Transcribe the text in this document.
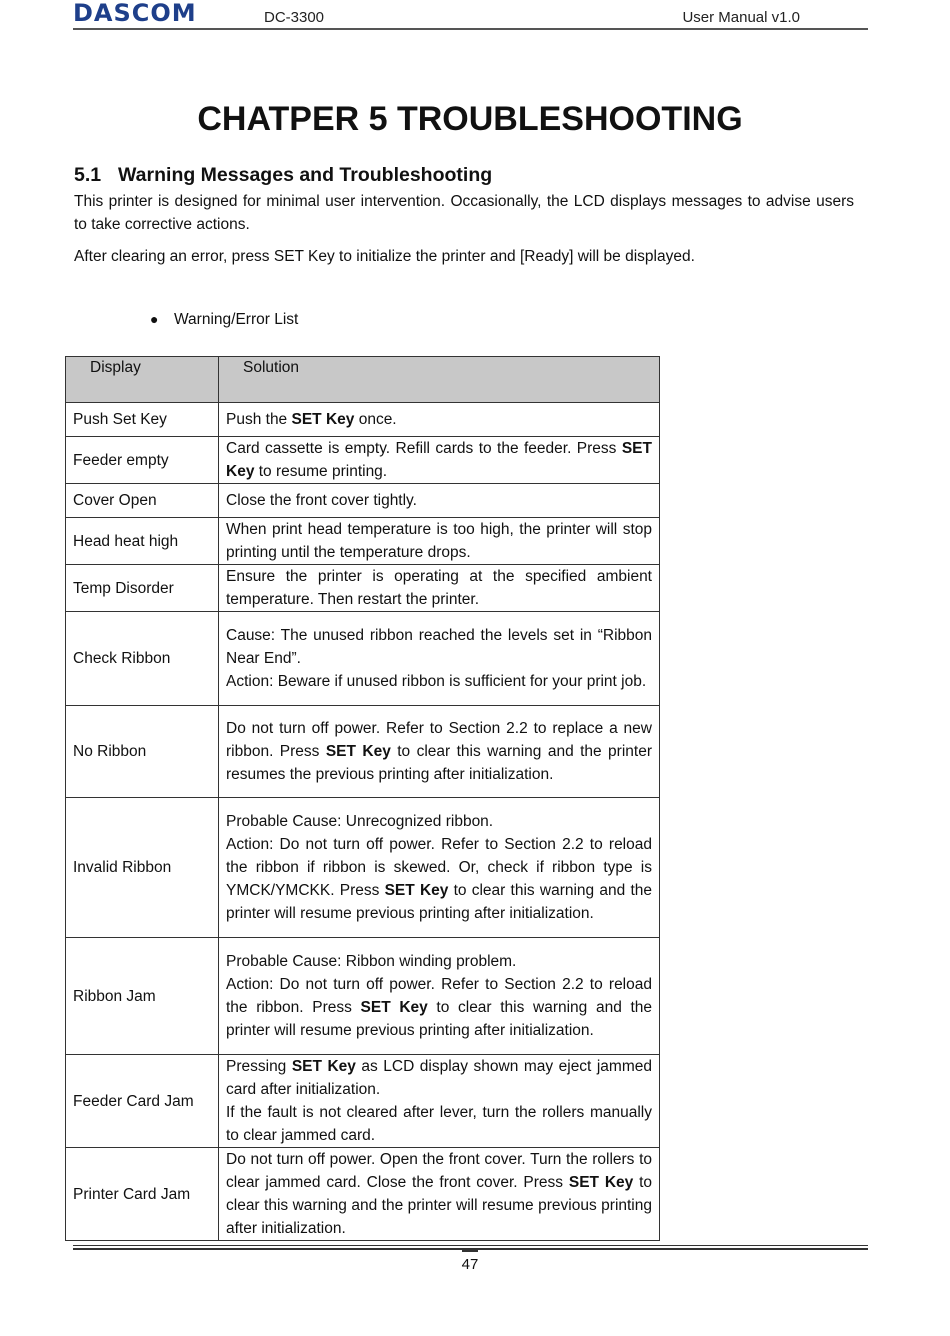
DASCOM	DC-3300	User Manual v1.0
CHATPER 5 TROUBLESHOOTING
5.1 Warning Messages and Troubleshooting
This printer is designed for minimal user intervention. Occasionally, the LCD displays messages to advise users to take corrective actions.
After clearing an error, press SET Key to initialize the printer and [Ready] will be displayed.
● Warning/Error List
Display	Solution
Push Set Key	Push the SET Key once.

Feeder empty	Card cassette is empty. Refill cards to the feeder. Press SET Key to resume printing.

Cover Open	Close the front cover tightly.

Head heat high	When print head temperature is too high, the printer will stop printing until the temperature drops.

Temp Disorder	Ensure the printer is operating at the specified ambient temperature. Then restart the printer.

Check Ribbon	Cause: The unused ribbon reached the levels set in “Ribbon Near End”.
Action: Beware if unused ribbon is sufficient for your print job.

No Ribbon	Do not turn off power. Refer to Section 2.2 to replace a new ribbon. Press SET Key to clear this warning and the printer resumes the previous printing after initialization.

Invalid Ribbon	Probable Cause: Unrecognized ribbon.
Action: Do not turn off power. Refer to Section 2.2 to reload the ribbon if ribbon is skewed. Or, check if ribbon type is YMCK/YMCKK. Press SET Key to clear this warning and the printer will resume previous printing after initialization.

Ribbon Jam	Probable Cause: Ribbon winding problem.
Action: Do not turn off power. Refer to Section 2.2 to reload the ribbon. Press SET Key to clear this warning and the printer will resume previous printing after initialization.

Feeder Card Jam	Pressing SET Key as LCD display shown may eject jammed card after initialization.
If the fault is not cleared after lever, turn the rollers manually to clear jammed card.

Printer Card Jam	Do not turn off power. Open the front cover. Turn the rollers to clear jammed card. Close the front cover. Press SET Key to clear this warning and the printer will resume previous printing after initialization.
47
